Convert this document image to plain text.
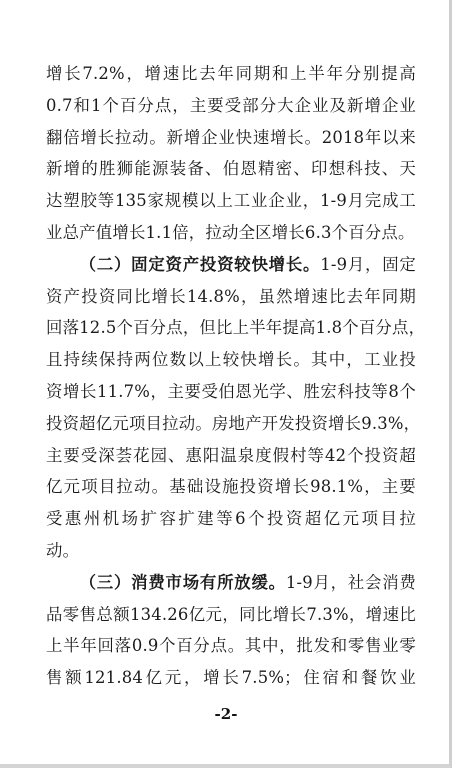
增长7.2%，增速比去年同期和上半年分别提高
0.7和1个百分点，主要受部分大企业及新增企业
翻倍增长拉动。新增企业快速增长。2018年以来
新增的胜狮能源装备、伯恩精密、印想科技、天
达塑胶等135家规模以上工业企业，1-9月完成工
业总产值增长1.1倍，拉动全区增长6.3个百分点。

（二）固定资产投资较快增长。1-9月，固定
资产投资同比增长14.8%，虽然增速比去年同期
回落12.5个百分点，但比上半年提高1.8个百分点，
且持续保持两位数以上较快增长。其中，工业投
资增长11.7%，主要受伯恩光学、胜宏科技等8个
投资超亿元项目拉动。房地产开发投资增长9.3%，
主要受深荟花园、惠阳温泉度假村等42个投资超
亿元项目拉动。基础设施投资增长98.1%，主要
受惠州机场扩容扩建等6个投资超亿元项目拉
动。

（三）消费市场有所放缓。1-9月，社会消费
品零售总额134.26亿元，同比增长7.3%，增速比
上半年回落0.9个百分点。其中，批发和零售业零
售额121.84亿元，增长7.5%；住宿和餐饮业

-2-
